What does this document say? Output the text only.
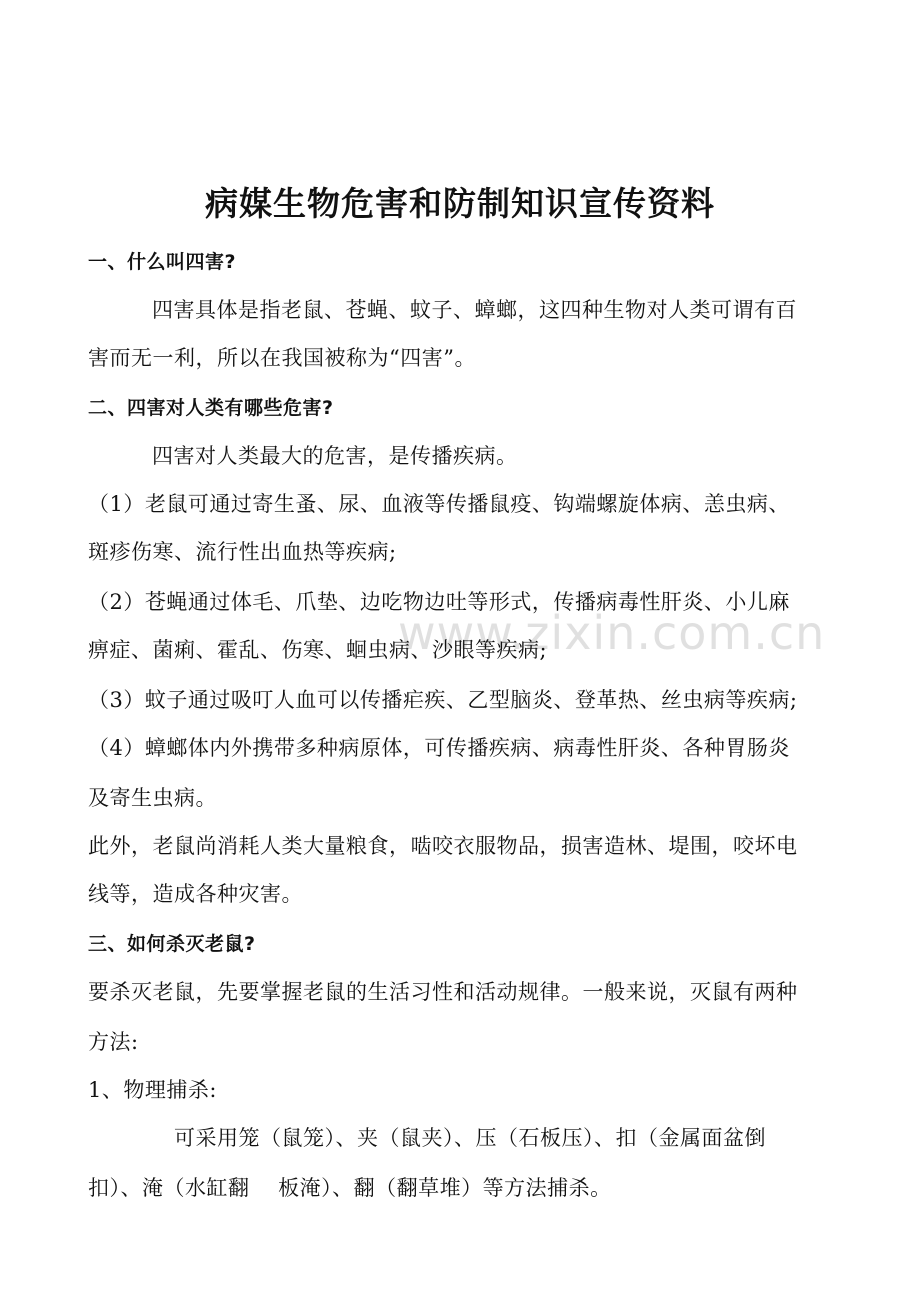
www.zixin.com.cn
病媒生物危害和防制知识宣传资料
一、什么叫四害?
四害具体是指老鼠、苍蝇、蚊子、蟑螂，这四种生物对人类可谓有百
害而无一利，所以在我国被称为“四害”。
二、四害对人类有哪些危害?
四害对人类最大的危害，是传播疾病。
（1）老鼠可通过寄生蚤、尿、血液等传播鼠疫、钩端螺旋体病、恙虫病、
斑疹伤寒、流行性出血热等疾病;
（2）苍蝇通过体毛、爪垫、边吃物边吐等形式，传播病毒性肝炎、小儿麻
痹症、菌痢、霍乱、伤寒、蛔虫病、沙眼等疾病;
（3）蚊子通过吸叮人血可以传播疟疾、乙型脑炎、登革热、丝虫病等疾病;
（4）蟑螂体内外携带多种病原体，可传播疾病、病毒性肝炎、各种胃肠炎
及寄生虫病。
此外，老鼠尚消耗人类大量粮食，啮咬衣服物品，损害造林、堤围，咬坏电
线等，造成各种灾害。
三、如何杀灭老鼠?
要杀灭老鼠，先要掌握老鼠的生活习性和活动规律。一般来说，灭鼠有两种
方法:
1、物理捕杀:
可采用笼（鼠笼）、夹（鼠夹）、压（石板压）、扣（金属面盆倒
扣）、淹（水缸翻　 板淹）、翻（翻草堆）等方法捕杀。
